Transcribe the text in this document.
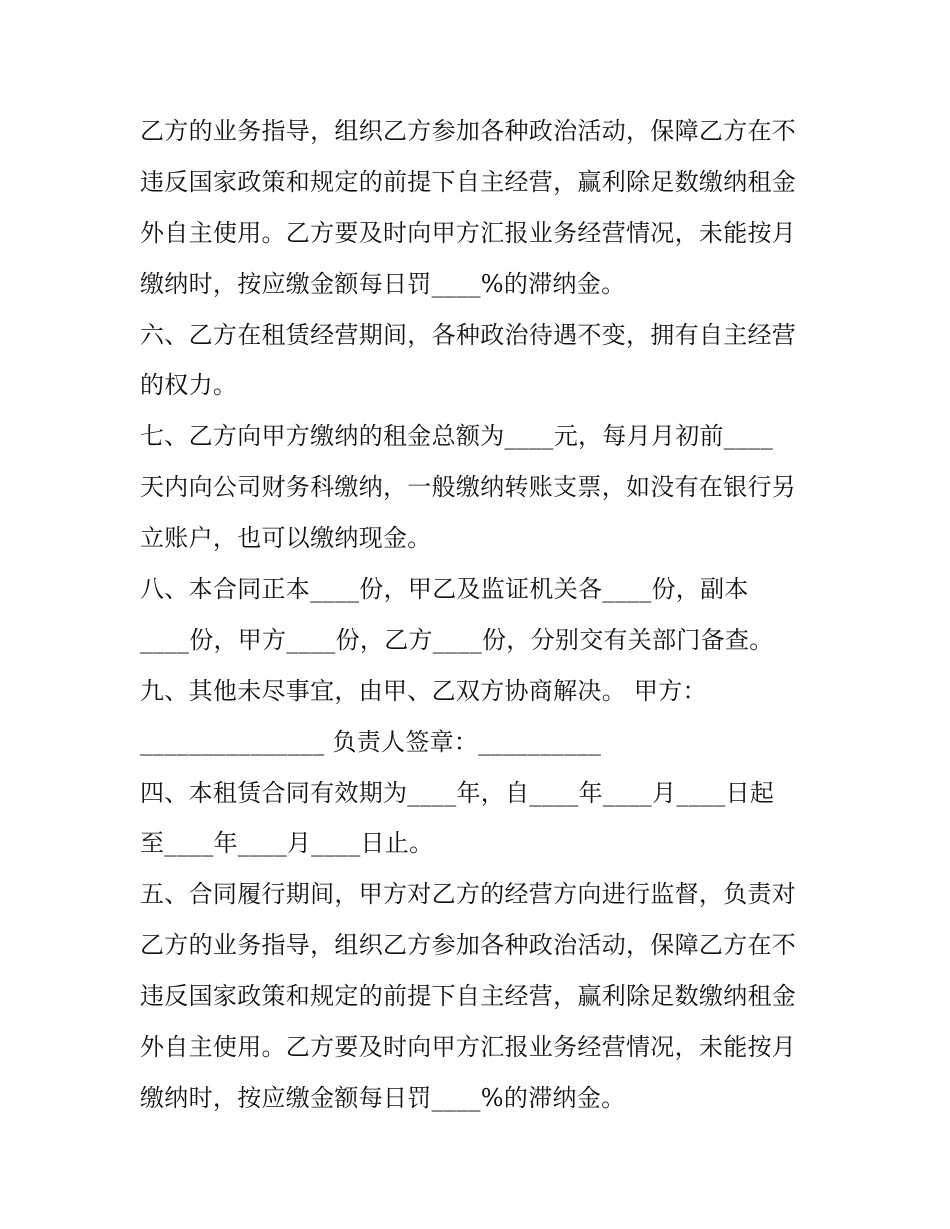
乙方的业务指导，组织乙方参加各种政治活动，保障乙方在不
违反国家政策和规定的前提下自主经营，赢利除足数缴纳租金
外自主使用。乙方要及时向甲方汇报业务经营情况，未能按月
缴纳时，按应缴金额每日罚____%的滞纳金。
六、乙方在租赁经营期间，各种政治待遇不变，拥有自主经营
的权力。
七、乙方向甲方缴纳的租金总额为____元，每月月初前____
天内向公司财务科缴纳，一般缴纳转账支票，如没有在银行另
立账户，也可以缴纳现金。
八、本合同正本____份，甲乙及监证机关各____份，副本
____份，甲方____份，乙方____份，分别交有关部门备查。
九、其他未尽事宜，由甲、乙双方协商解决。 甲方：
_______________ 负责人签章：__________
四、本租赁合同有效期为____年，自____年____月____日起
至____年____月____日止。
五、合同履行期间，甲方对乙方的经营方向进行监督，负责对
乙方的业务指导，组织乙方参加各种政治活动，保障乙方在不
违反国家政策和规定的前提下自主经营，赢利除足数缴纳租金
外自主使用。乙方要及时向甲方汇报业务经营情况，未能按月
缴纳时，按应缴金额每日罚____%的滞纳金。
